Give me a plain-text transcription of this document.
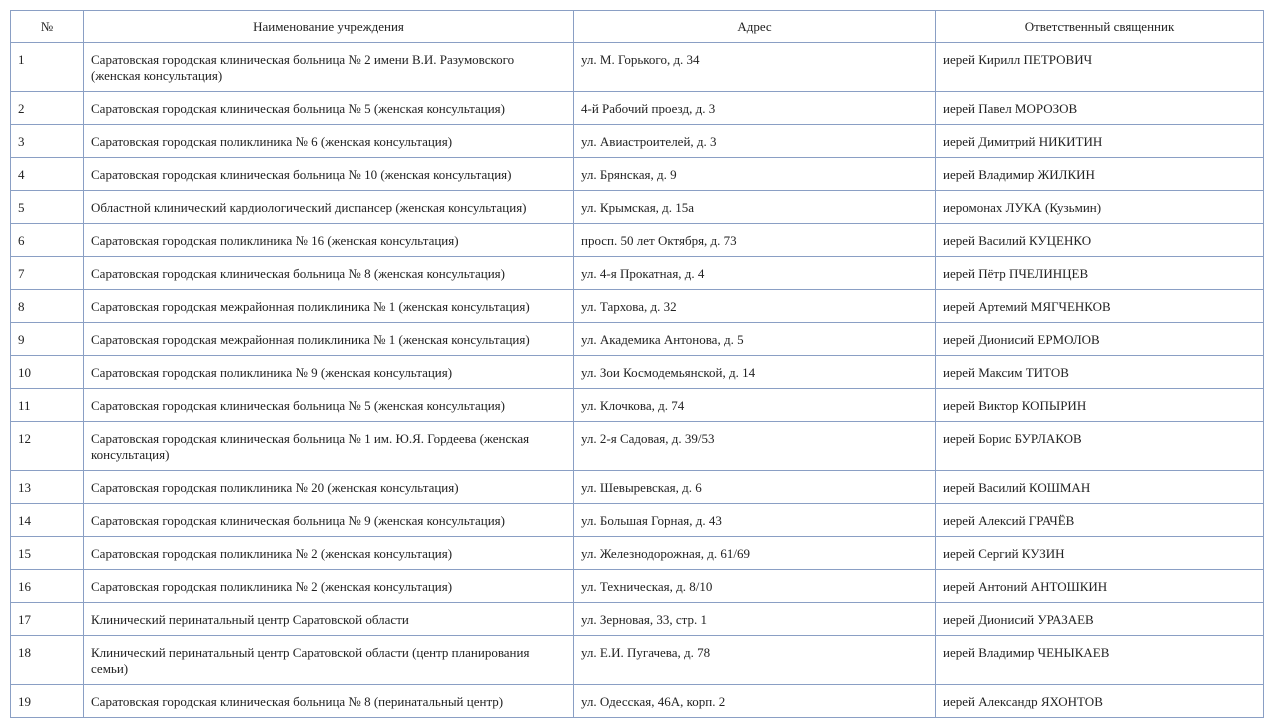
№	Наименование учреждения	Адрес	Ответственный священник
1	Саратовская городская клиническая больница № 2 имени В.И. Разумовского (женская консультация)	ул. М. Горького, д. 34	иерей Кирилл ПЕТРОВИЧ
2	Саратовская городская клиническая больница № 5 (женская консультация)	4-й Рабочий проезд, д. 3	иерей Павел МОРОЗОВ
3	Саратовская городская поликлиника № 6 (женская консультация)	ул. Авиастроителей, д. 3	иерей Димитрий НИКИТИН
4	Саратовская городская клиническая больница № 10 (женская консультация)	ул. Брянская, д. 9	иерей Владимир ЖИЛКИН
5	Областной клинический кардиологический диспансер (женская консультация)	ул. Крымская, д. 15а	иеромонах ЛУКА (Кузьмин)
6	Саратовская городская поликлиника № 16 (женская консультация)	просп. 50 лет Октября, д. 73	иерей Василий КУЦЕНКО
7	Саратовская городская клиническая больница № 8 (женская консультация)	ул. 4-я Прокатная, д. 4	иерей Пётр ПЧЕЛИНЦЕВ
8	Саратовская городская межрайонная поликлиника № 1 (женская консультация)	ул. Тархова, д. 32	иерей Артемий МЯГЧЕНКОВ
9	Саратовская городская межрайонная поликлиника № 1 (женская консультация)	ул. Академика Антонова, д. 5	иерей Дионисий ЕРМОЛОВ
10	Саратовская городская поликлиника № 9 (женская консультация)	ул. Зои Космодемьянской, д. 14	иерей Максим ТИТОВ
11	Саратовская городская клиническая больница № 5 (женская консультация)	ул. Клочкова, д. 74	иерей Виктор КОПЫРИН
12	Саратовская городская клиническая больница № 1 им. Ю.Я. Гордеева (женская консультация)	ул. 2-я Садовая, д. 39/53	иерей Борис БУРЛАКОВ
13	Саратовская городская поликлиника № 20 (женская консультация)	ул. Шевыревская, д. 6	иерей Василий КОШМАН
14	Саратовская городская клиническая больница № 9 (женская консультация)	ул. Большая Горная, д. 43	иерей Алексий ГРАЧЁВ
15	Саратовская городская поликлиника № 2 (женская консультация)	ул. Железнодорожная, д. 61/69	иерей Сергий КУЗИН
16	Саратовская городская поликлиника № 2 (женская консультация)	ул. Техническая, д. 8/10	иерей Антоний АНТОШКИН
17	Клинический перинатальный центр Саратовской области	ул. Зерновая, 33, стр. 1	иерей Дионисий УРАЗАЕВ
18	Клинический перинатальный центр Саратовской области (центр планирования семьи)	ул. Е.И. Пугачева, д. 78	иерей Владимир ЧЕНЫКАЕВ
19	Саратовская городская клиническая больница № 8 (перинатальный центр)	ул. Одесская, 46А, корп. 2	иерей Александр ЯХОНТОВ
